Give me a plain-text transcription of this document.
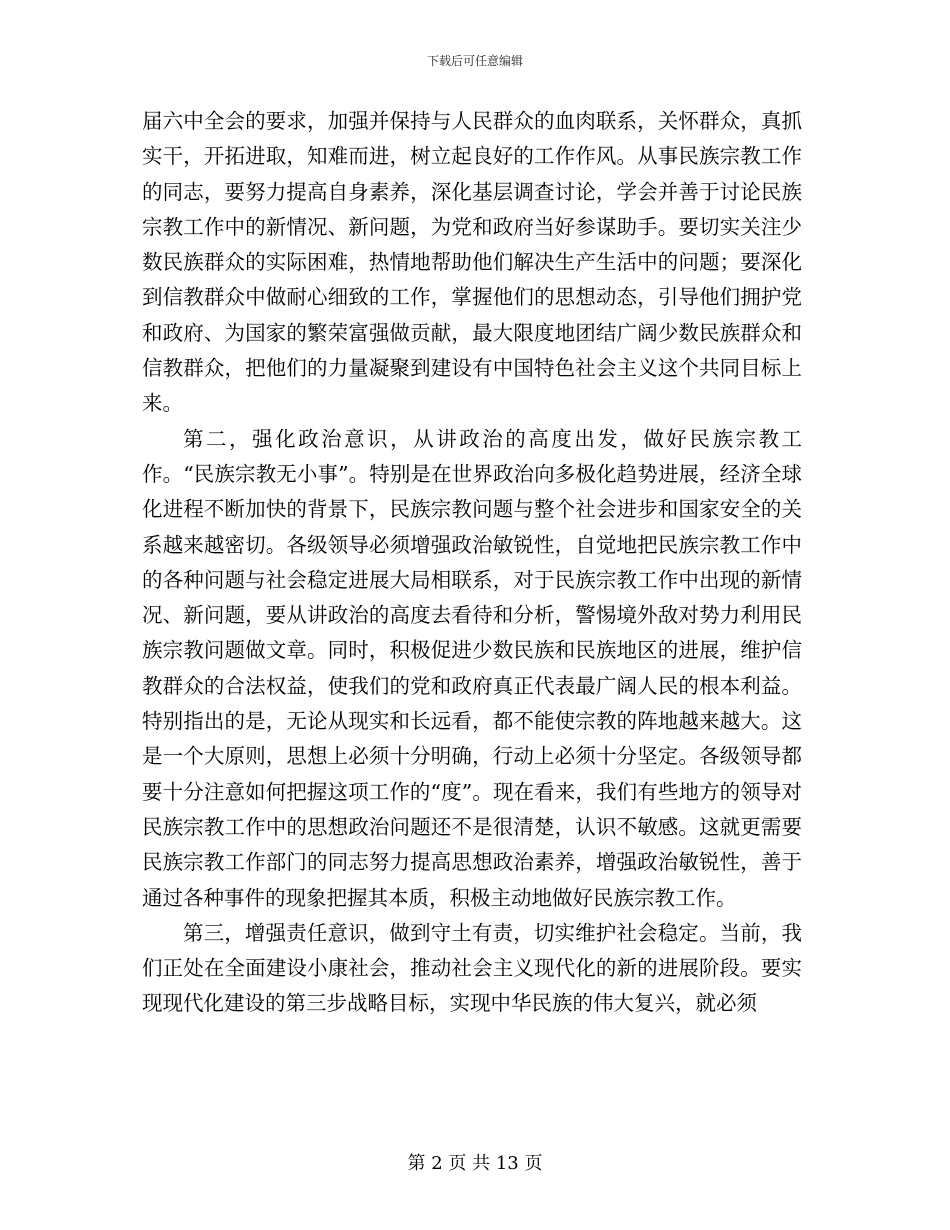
下载后可任意编辑

届六中全会的要求，加强并保持与人民群众的血肉联系，关怀群众，真抓实干，开拓进取，知难而进，树立起良好的工作作风。从事民族宗教工作的同志，要努力提高自身素养，深化基层调查讨论，学会并善于讨论民族宗教工作中的新情况、新问题，为党和政府当好参谋助手。要切实关注少数民族群众的实际困难，热情地帮助他们解决生产生活中的问题；要深化到信教群众中做耐心细致的工作，掌握他们的思想动态，引导他们拥护党和政府、为国家的繁荣富强做贡献，最大限度地团结广阔少数民族群众和信教群众，把他们的力量凝聚到建设有中国特色社会主义这个共同目标上来。

第二，强化政治意识，从讲政治的高度出发，做好民族宗教工作。“民族宗教无小事”。特别是在世界政治向多极化趋势进展，经济全球化进程不断加快的背景下，民族宗教问题与整个社会进步和国家安全的关系越来越密切。各级领导必须增强政治敏锐性，自觉地把民族宗教工作中的各种问题与社会稳定进展大局相联系，对于民族宗教工作中出现的新情况、新问题，要从讲政治的高度去看待和分析，警惕境外敌对势力利用民族宗教问题做文章。同时，积极促进少数民族和民族地区的进展，维护信教群众的合法权益，使我们的党和政府真正代表最广阔人民的根本利益。特别指出的是，无论从现实和长远看，都不能使宗教的阵地越来越大。这是一个大原则，思想上必须十分明确，行动上必须十分坚定。各级领导都要十分注意如何把握这项工作的“度”。现在看来，我们有些地方的领导对民族宗教工作中的思想政治问题还不是很清楚，认识不敏感。这就更需要民族宗教工作部门的同志努力提高思想政治素养，增强政治敏锐性，善于通过各种事件的现象把握其本质，积极主动地做好民族宗教工作。

第三，增强责任意识，做到守土有责，切实维护社会稳定。当前，我们正处在全面建设小康社会，推动社会主义现代化的新的进展阶段。要实现现代化建设的第三步战略目标，实现中华民族的伟大复兴，就必须

第 2 页 共 13 页
